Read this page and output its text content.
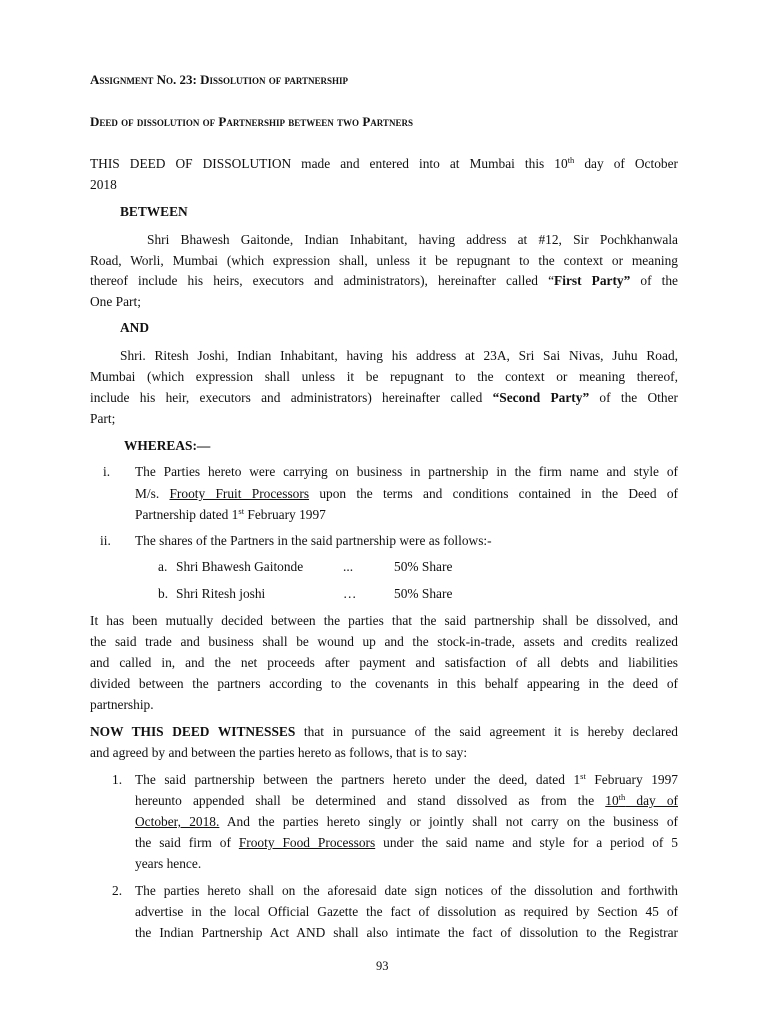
Assignment No. 23: Dissolution of partnership
Deed of dissolution of Partnership between two Partners
THIS DEED OF DISSOLUTION made and entered into at Mumbai this 10th day of October
2018
BETWEEN
Shri Bhawesh Gaitonde, Indian Inhabitant, having address at #12, Sir Pochkhanwala
Road, Worli, Mumbai (which expression shall, unless it be repugnant to the context or meaning
thereof include his heirs, executors and administrators), hereinafter called “First Party” of the
One Part;
AND
Shri. Ritesh Joshi, Indian Inhabitant, having his address at 23A, Sri Sai Nivas, Juhu Road,
Mumbai (which expression shall unless it be repugnant to the context or meaning thereof,
include his heir, executors and administrators) hereinafter called “Second Party” of the Other
Part;
WHEREAS:—
i. The Parties hereto were carrying on business in partnership in the firm name and style of
M/s. Frooty Fruit Processors upon the terms and conditions contained in the Deed of
Partnership dated 1st February 1997
ii. The shares of the Partners in the said partnership were as follows:-
a. Shri Bhawesh Gaitonde	...	50% Share
b. Shri Ritesh joshi	…	50% Share
It has been mutually decided between the parties that the said partnership shall be dissolved, and
the said trade and business shall be wound up and the stock-in-trade, assets and credits realized
and called in, and the net proceeds after payment and satisfaction of all debts and liabilities
divided between the partners according to the covenants in this behalf appearing in the deed of
partnership.
NOW THIS DEED WITNESSES that in pursuance of the said agreement it is hereby declared
and agreed by and between the parties hereto as follows, that is to say:
1. The said partnership between the partners hereto under the deed, dated 1st February 1997
hereunto appended shall be determined and stand dissolved as from the 10th day of
October, 2018. And the parties hereto singly or jointly shall not carry on the business of
the said firm of Frooty Food Processors under the said name and style for a period of 5
years hence.
2. The parties hereto shall on the aforesaid date sign notices of the dissolution and forthwith
advertise in the local Official Gazette the fact of dissolution as required by Section 45 of
the Indian Partnership Act AND shall also intimate the fact of dissolution to the Registrar
93
